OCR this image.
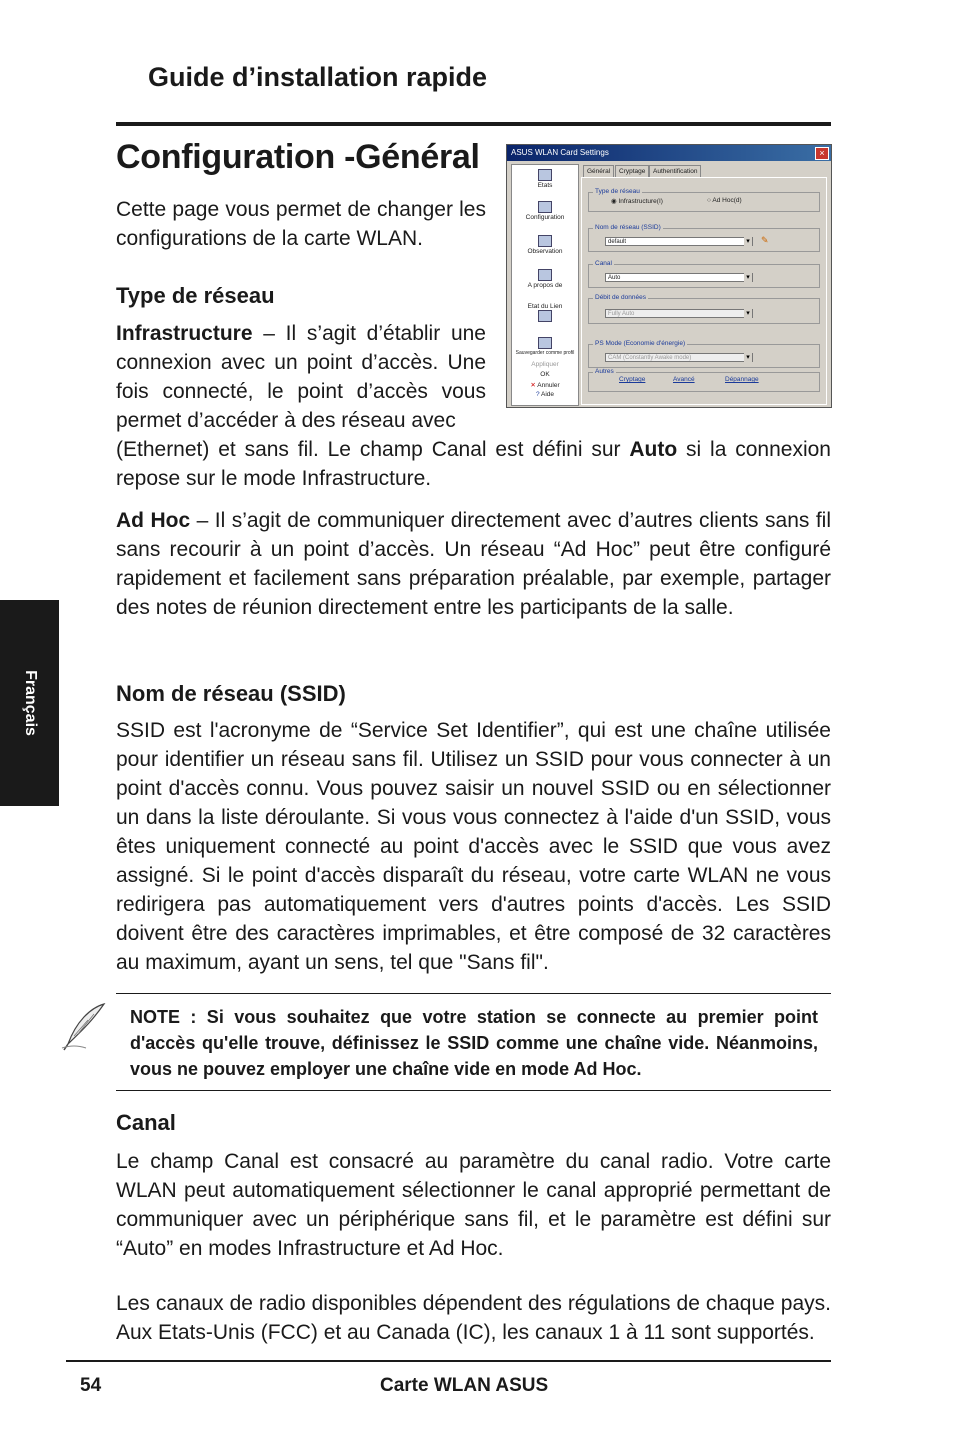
Guide d’installation rapide
Configuration -Général	ASUS WLAN Card Settings	×
Etats
Configuration
Observation
A propos de
Etat du Lien
Sauvegarder comme profil
Appliquer
OK
✕ Annuler
? Aide
Général	Cryptage	Authentification
Type de réseau
◉ Infrastructure(I)	○ Ad Hoc(d)
Nom de réseau (SSID)
default ▾	✎
Canal
Auto ▾
Débit de données
Fully Auto ▾
PS Mode (Economie d'énergie)
CAM (Constantly Awake mode) ▾
Autres
Cryptage	Avancé	Dépannage
Cette page vous permet de changer les configurations de la carte WLAN.
Type de réseau
Infrastructure – Il s’agit d’établir une connexion avec un point d’accès. Une fois connecté, le point d’accès vous permet d’accéder à des réseau avec
(Ethernet) et sans fil. Le champ Canal est défini sur Auto si la connexion repose sur le mode Infrastructure.
Ad Hoc – Il s’agit de communiquer directement avec d’autres clients sans fil sans recourir à un point d’accès. Un réseau “Ad Hoc” peut être configuré rapidement et facilement sans préparation préalable, par exemple, partager des notes de réunion directement entre les participants de la salle.
Nom de réseau (SSID)
SSID est l'acronyme de “Service Set Identifier”, qui est une chaîne utilisée pour identifier un réseau sans fil. Utilisez un SSID pour vous connecter à un point d'accès connu. Vous pouvez saisir un nouvel SSID ou en sélectionner un dans la liste déroulante. Si vous vous connectez à l'aide d'un SSID, vous êtes uniquement connecté au point d'accès avec le SSID que vous avez assigné. Si le point d'accès disparaît du réseau, votre carte WLAN ne vous redirigera pas automatiquement vers d'autres points d'accès. Les SSID doivent être des caractères imprimables, et être composé de 32 caractères au maximum, ayant un sens, tel que "Sans fil".
NOTE : Si vous souhaitez que votre station se connecte au premier point d'accès qu'elle trouve, définissez le SSID comme une chaîne vide. Néanmoins, vous ne pouvez employer une chaîne vide en mode Ad Hoc.
Canal
Le champ Canal est consacré au paramètre du canal radio. Votre carte WLAN peut automatiquement sélectionner le canal approprié permettant de communiquer avec un périphérique sans fil, et le paramètre est défini sur “Auto” en modes Infrastructure et Ad Hoc.
Les canaux de radio disponibles dépendent des régulations de chaque pays. Aux Etats-Unis (FCC) et au Canada (IC), les canaux 1 à 11 sont supportés.
Français
54	Carte WLAN ASUS
